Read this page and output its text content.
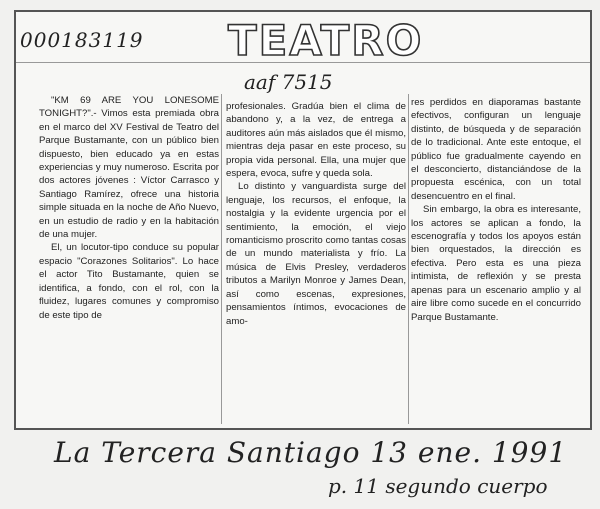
TEATRO
000183119
aaf 7515

"KM 69 ARE YOU LONESOME TONIGHT?".- Vimos esta premiada obra en el marco del XV Festival de Teatro del Parque Bustamante, con un público bien dispuesto, bien educado ya en estas experiencias y muy numeroso. Escrita por dos actores jóvenes : Víctor Carrasco y Santiago Ramírez, ofrece una historia simple situada en la noche de Año Nuevo, en un estudio de radio y en la habitación de una mujer.

El, un locutor-tipo conduce su popular espacio "Corazones Solitarios". Lo hace el actor Tito Bustamante, quien se identifica, a fondo, con el rol, con la fluidez, lugares comunes y compromiso de este tipo de

profesionales. Gradúa bien el clima de abandono y, a la vez, de entrega a auditores aún más aislados que él mismo, mientras deja pasar en este proceso, su propia vida personal. Ella, una mujer que espera, evoca, sufre y queda sola.

Lo distinto y vanguardista surge del lenguaje, los recursos, el enfoque, la nostalgia y la evidente urgencia por el sentimiento, la emoción, el viejo romanticismo proscrito como tantas cosas de un mundo materialista y frío. La música de Elvis Presley, verdaderos tributos a Marilyn Monroe y James Dean, así como escenas, expresiones, pensamientos íntimos, evocaciones de amo-

res perdidos en diaporamas bastante efectivos, configuran un lenguaje distinto, de búsqueda y de separación de lo tradicional. Ante este entoque, el público fue gradualmente cayendo en el desconcierto, distanciándose de la propuesta escénica, con un total desencuentro en el final.

Sin embargo, la obra es interesante, los actores se aplican a fondo, la escenografía y todos los apoyos están bien orquestados, la dirección es efectiva. Pero esta es una pieza intimista, de reflexión y se presta apenas para un escenario amplio y al aire libre como sucede en el concurrido Parque Bustamante.

La Tercera Santiago 13 ene. 1991
p. 11 segundo cuerpo
